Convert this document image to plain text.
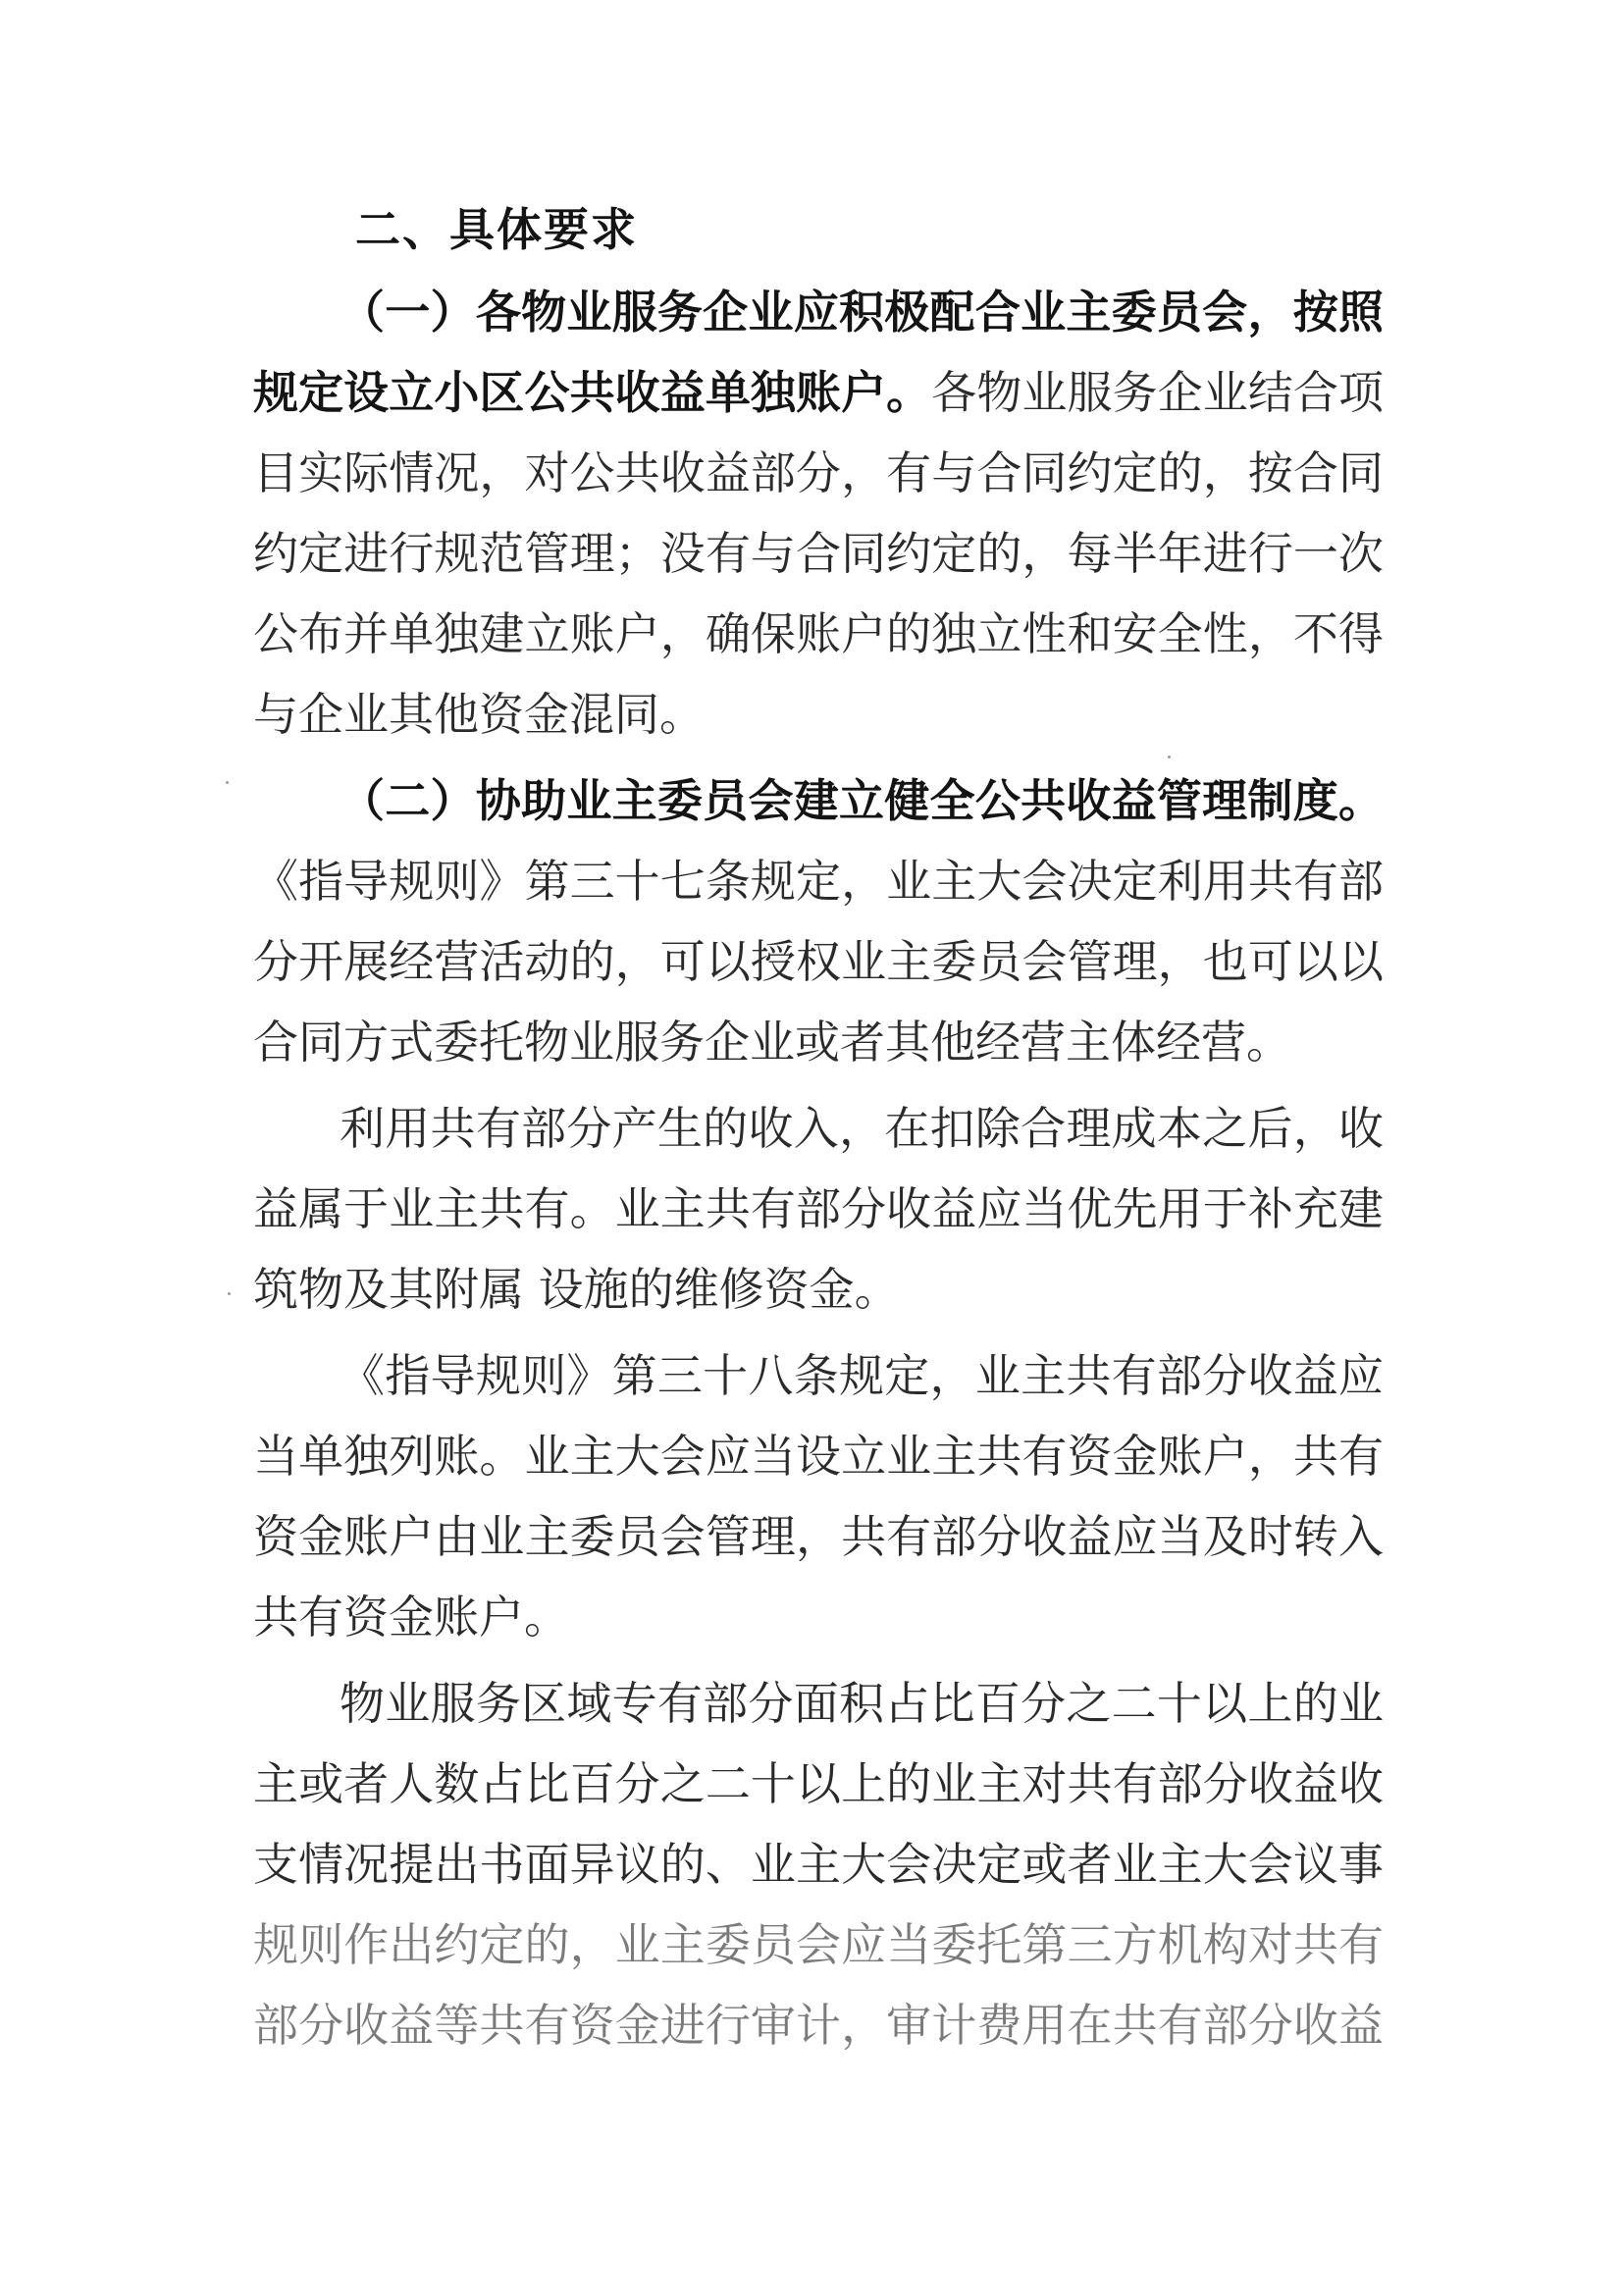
二、具体要求
（一）各物业服务企业应积极配合业主委员会，按照
规定设立小区公共收益单独账户。各物业服务企业结合项
目实际情况，对公共收益部分，有与合同约定的，按合同
约定进行规范管理；没有与合同约定的，每半年进行一次
公布并单独建立账户，确保账户的独立性和安全性，不得
与企业其他资金混同。
（二）协助业主委员会建立健全公共收益管理制度。
《指导规则》第三十七条规定，业主大会决定利用共有部
分开展经营活动的，可以授权业主委员会管理，也可以以
合同方式委托物业服务企业或者其他经营主体经营。
利用共有部分产生的收入，在扣除合理成本之后，收
益属于业主共有。业主共有部分收益应当优先用于补充建
筑物及其附属 设施的维修资金。
《指导规则》第三十八条规定，业主共有部分收益应
当单独列账。业主大会应当设立业主共有资金账户，共有
资金账户由业主委员会管理，共有部分收益应当及时转入
共有资金账户。
物业服务区域专有部分面积占比百分之二十以上的业
主或者人数占比百分之二十以上的业主对共有部分收益收
支情况提出书面异议的、业主大会决定或者业主大会议事
规则作出约定的，业主委员会应当委托第三方机构对共有
部分收益等共有资金进行审计，审计费用在共有部分收益
